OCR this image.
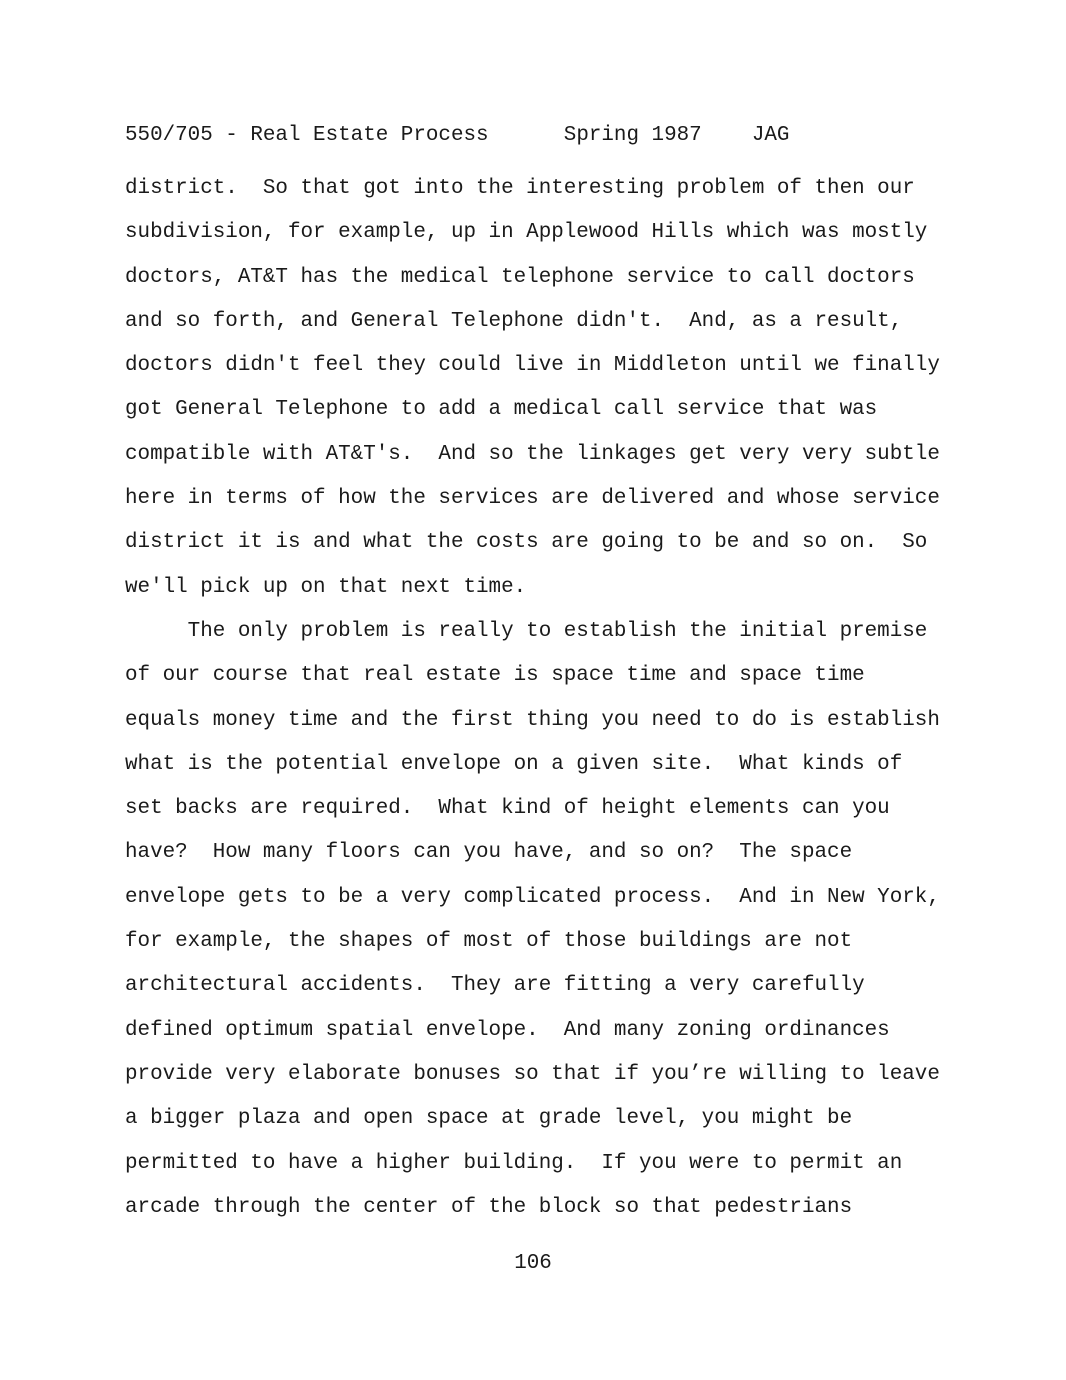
550/705 - Real Estate Process	Spring 1987 JAG
district.  So that got into the interesting problem of then our
subdivision, for example, up in Applewood Hills which was mostly
doctors, AT&T has the medical telephone service to call doctors
and so forth, and General Telephone didn't.  And, as a result,
doctors didn't feel they could live in Middleton until we finally
got General Telephone to add a medical call service that was
compatible with AT&T's.  And so the linkages get very very subtle
here in terms of how the services are delivered and whose service
district it is and what the costs are going to be and so on.  So
we'll pick up on that next time.
The only problem is really to establish the initial premise
of our course that real estate is space time and space time
equals money time and the first thing you need to do is establish
what is the potential envelope on a given site.  What kinds of
set backs are required.  What kind of height elements can you
have?  How many floors can you have, and so on?  The space
envelope gets to be a very complicated process.  And in New York,
for example, the shapes of most of those buildings are not
architectural accidents.  They are fitting a very carefully
defined optimum spatial envelope.  And many zoning ordinances
provide very elaborate bonuses so that if you’re willing to leave
a bigger plaza and open space at grade level, you might be
permitted to have a higher building.  If you were to permit an
arcade through the center of the block so that pedestrians
106
